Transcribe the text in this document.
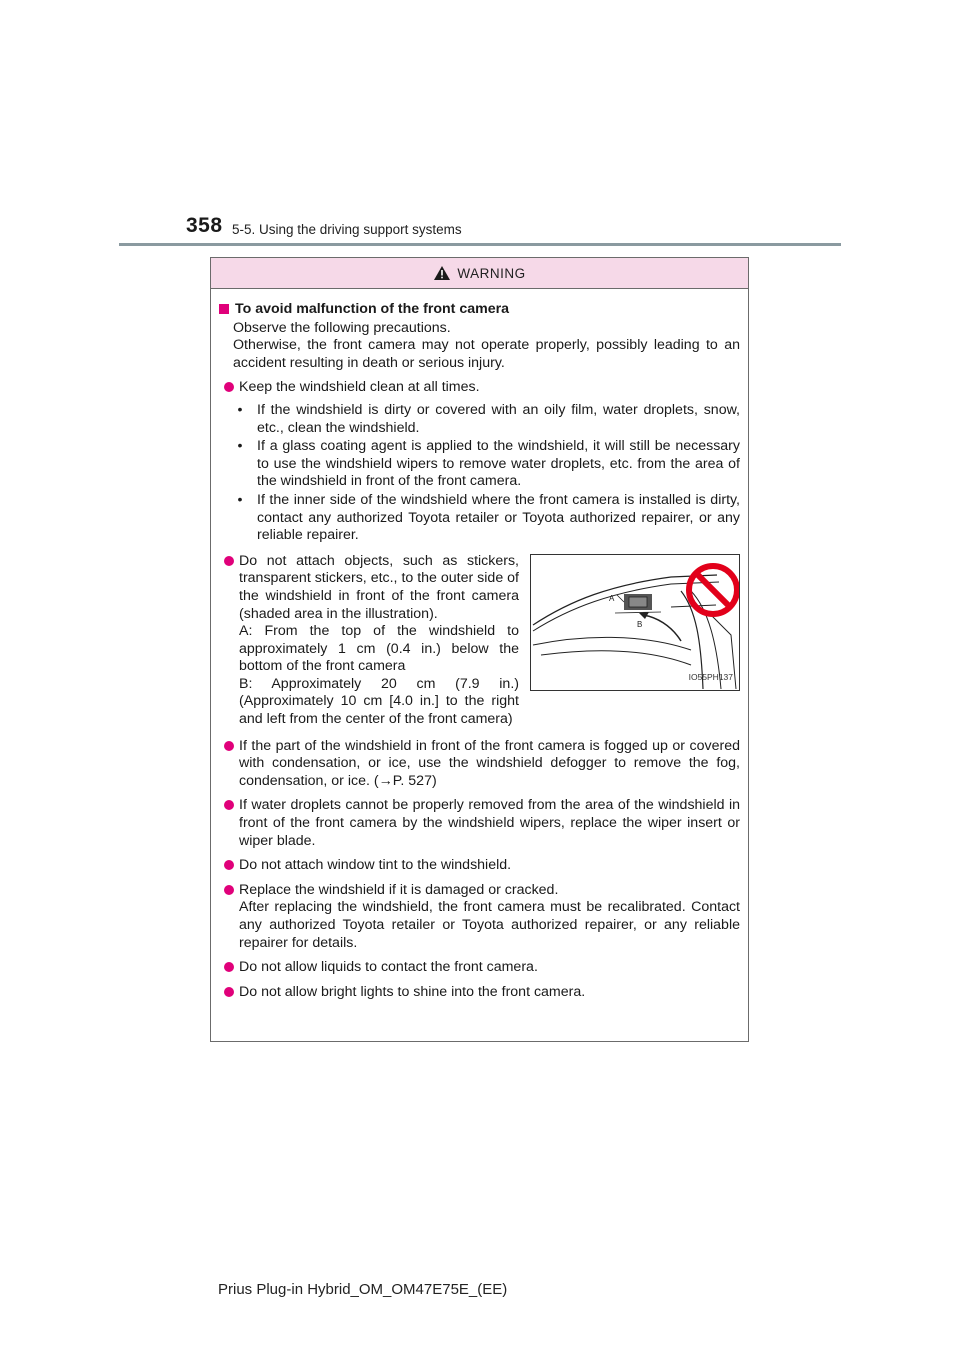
358 5-5. Using the driving support systems
WARNING
To avoid malfunction of the front camera
Observe the following precautions.
Otherwise, the front camera may not operate properly, possibly leading to an accident resulting in death or serious injury.
Keep the windshield clean at all times.
•	If the windshield is dirty or covered with an oily film, water droplets, snow, etc., clean the windshield.
•	If a glass coating agent is applied to the windshield, it will still be necessary to use the windshield wipers to remove water droplets, etc. from the area of the windshield in front of the front camera.
•	If the inner side of the windshield where the front camera is installed is dirty, contact any authorized Toyota retailer or Toyota authorized repairer, or any reliable repairer.
Do not attach objects, such as stickers, transparent stickers, etc., to the outer side of the windshield in front of the front camera (shaded area in the illustration).
A: From the top of the windshield to approximately 1 cm (0.4 in.) below the bottom of the front camera
B: Approximately 20 cm (7.9 in.) (Approximately 10 cm [4.0 in.] to the right and left from the center of the front camera)
A
B
IO55PH137
If the part of the windshield in front of the front camera is fogged up or covered with condensation, or ice, use the windshield defogger to remove the fog, condensation, or ice. (→P. 527)
If water droplets cannot be properly removed from the area of the windshield in front of the front camera by the windshield wipers, replace the wiper insert or wiper blade.
Do not attach window tint to the windshield.
Replace the windshield if it is damaged or cracked.
After replacing the windshield, the front camera must be recalibrated. Contact any authorized Toyota retailer or Toyota authorized repairer, or any reliable repairer for details.
Do not allow liquids to contact the front camera.
Do not allow bright lights to shine into the front camera.
Prius Plug-in Hybrid_OM_OM47E75E_(EE)
